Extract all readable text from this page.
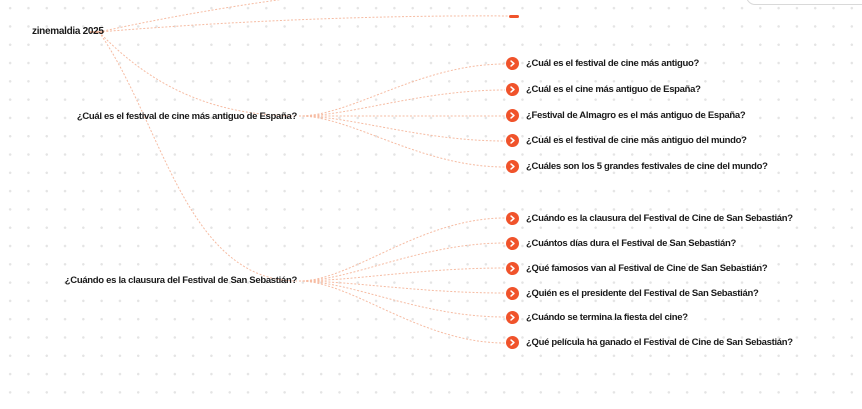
zinemaldia 2025
¿Cuál es el festival de cine más antiguo de España?
¿Cuándo es la clausura del Festival de San Sebastián?
¿Cuál es el festival de cine más antiguo?
¿Cuál es el cine más antiguo de España?
¿Festival de Almagro es el más antiguo de España?
¿Cuál es el festival de cine más antiguo del mundo?
¿Cuáles son los 5 grandes festivales de cine del mundo?
¿Cuándo es la clausura del Festival de Cine de San Sebastián?
¿Cuántos días dura el Festival de San Sebastián?
¿Qué famosos van al Festival de Cine de San Sebastián?
¿Quién es el presidente del Festival de San Sebastián?
¿Cuándo se termina la fiesta del cine?
¿Qué película ha ganado el Festival de Cine de San Sebastián?
